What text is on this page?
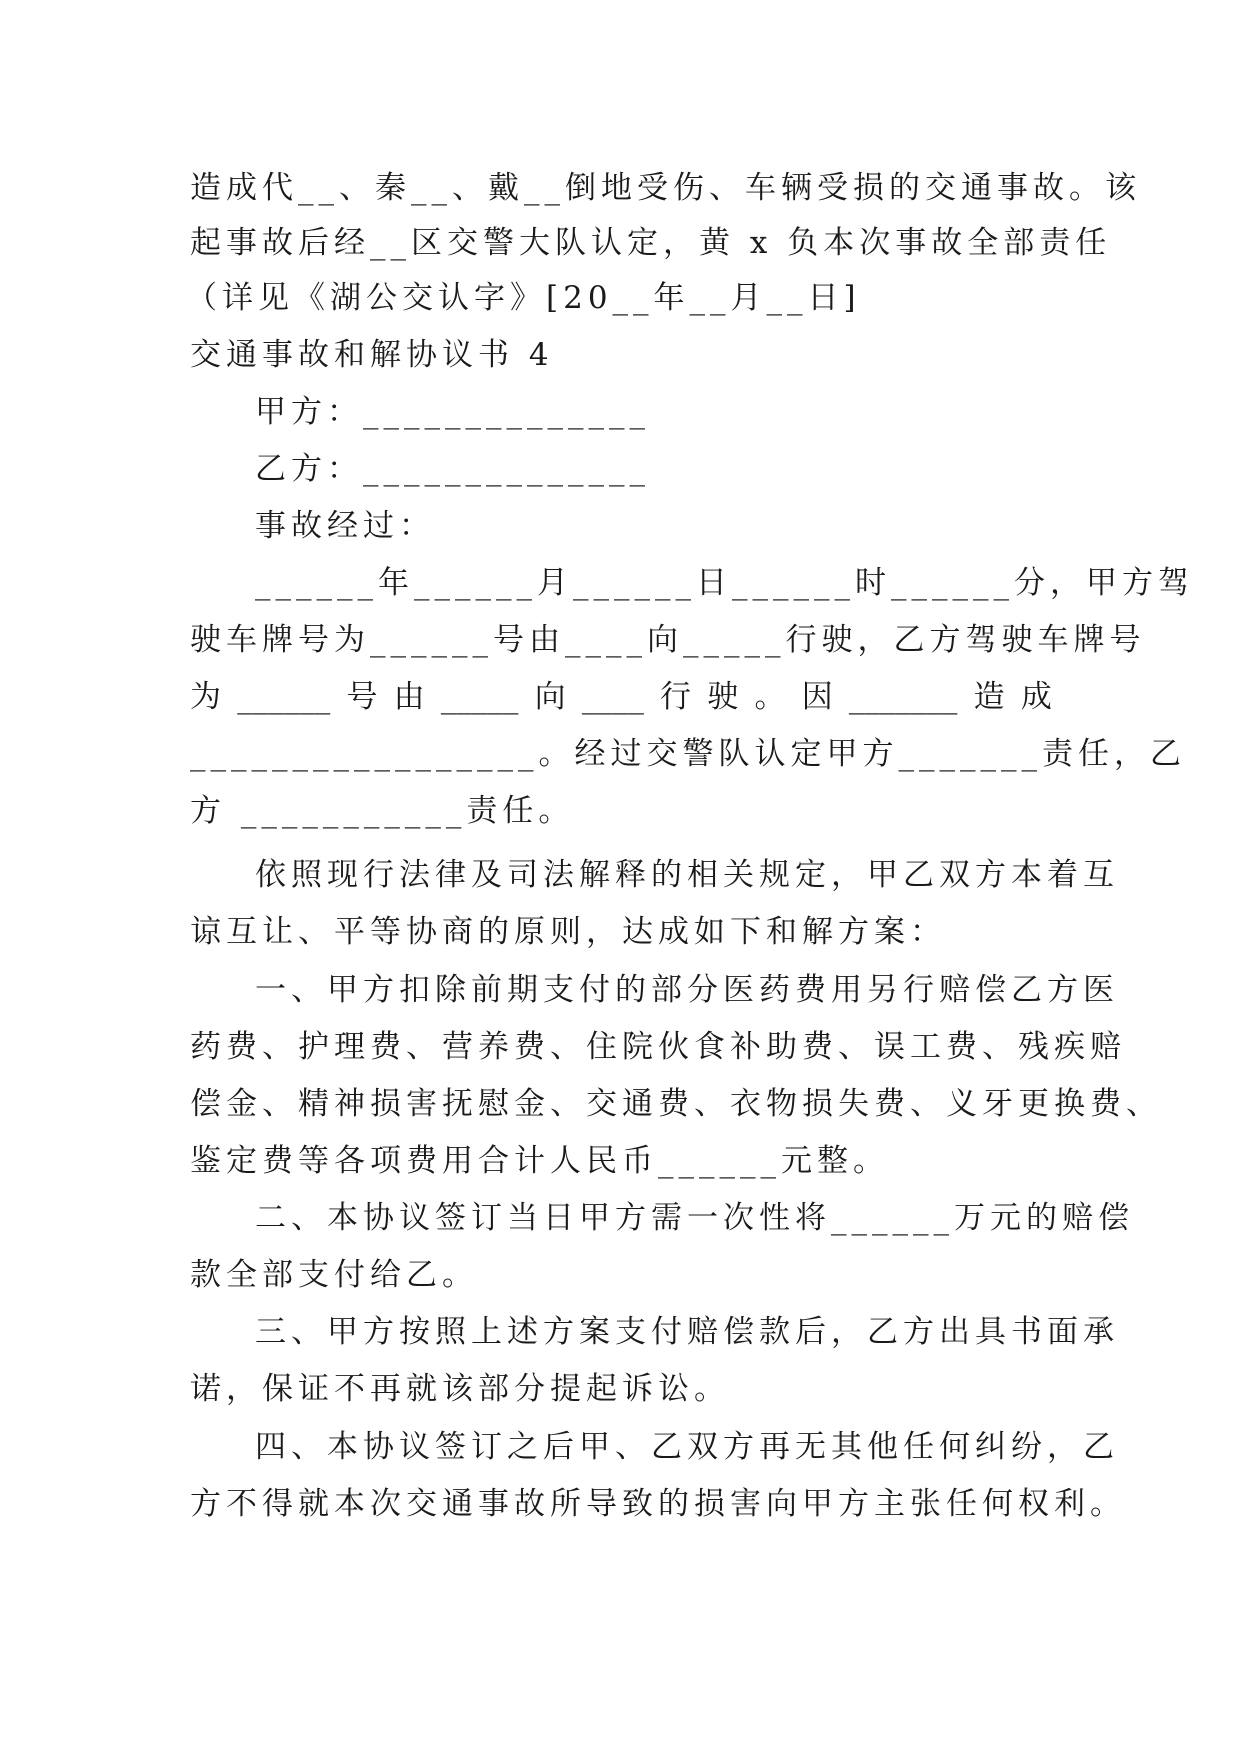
造成代__、秦__、戴__倒地受伤、车辆受损的交通事故。该
起事故后经__区交警大队认定，黄 x 负本次事故全部责任
（详见《湖公交认字》[20__年__月__日]
交通事故和解协议书 4
甲方：______________
乙方：______________
事故经过：
______年______月______日______时______分，甲方驾
驶车牌号为______号由____向_____行驶，乙方驾驶车牌号
为 ______ 号 由 _____ 向 ____ 行 驶 。 因 _______ 造 成
_________________。经过交警队认定甲方_______责任，乙
方 ___________责任。
依照现行法律及司法解释的相关规定，甲乙双方本着互
谅互让、平等协商的原则，达成如下和解方案：
一、甲方扣除前期支付的部分医药费用另行赔偿乙方医
药费、护理费、营养费、住院伙食补助费、误工费、残疾赔
偿金、精神损害抚慰金、交通费、衣物损失费、义牙更换费、
鉴定费等各项费用合计人民币______元整。
二、本协议签订当日甲方需一次性将______万元的赔偿
款全部支付给乙。
三、甲方按照上述方案支付赔偿款后，乙方出具书面承
诺，保证不再就该部分提起诉讼。
四、本协议签订之后甲、乙双方再无其他任何纠纷，乙
方不得就本次交通事故所导致的损害向甲方主张任何权利。
